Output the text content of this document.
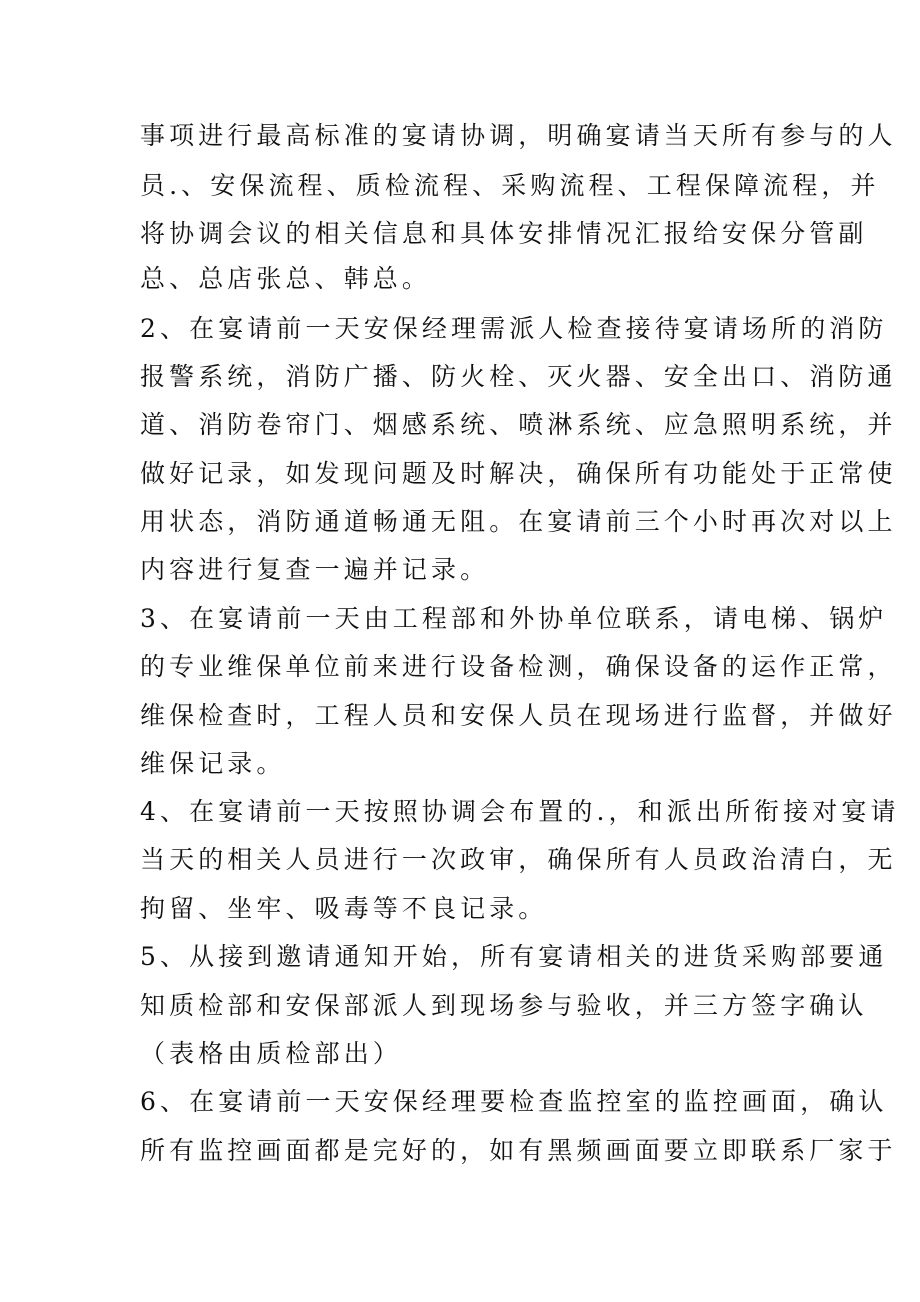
事项进行最高标准的宴请协调，明确宴请当天所有参与的人
员.、安保流程、质检流程、采购流程、工程保障流程，并
将协调会议的相关信息和具体安排情况汇报给安保分管副
总、总店张总、韩总。
2、在宴请前一天安保经理需派人检查接待宴请场所的消防
报警系统，消防广播、防火栓、灭火器、安全出口、消防通
道、消防卷帘门、烟感系统、喷淋系统、应急照明系统，并
做好记录，如发现问题及时解决，确保所有功能处于正常使
用状态，消防通道畅通无阻。在宴请前三个小时再次对以上
内容进行复查一遍并记录。
3、在宴请前一天由工程部和外协单位联系，请电梯、锅炉
的专业维保单位前来进行设备检测，确保设备的运作正常，
维保检查时，工程人员和安保人员在现场进行监督，并做好
维保记录。
4、在宴请前一天按照协调会布置的.，和派出所衔接对宴请
当天的相关人员进行一次政审，确保所有人员政治清白，无
拘留、坐牢、吸毒等不良记录。
5、从接到邀请通知开始，所有宴请相关的进货采购部要通
知质检部和安保部派人到现场参与验收，并三方签字确认
（表格由质检部出）
6、在宴请前一天安保经理要检查监控室的监控画面，确认
所有监控画面都是完好的，如有黑频画面要立即联系厂家于
